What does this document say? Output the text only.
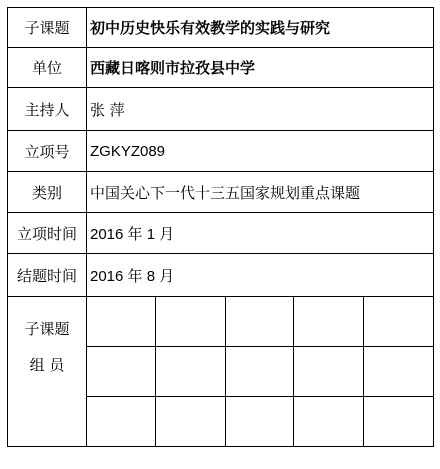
子课题	初中历史快乐有效教学的实践与研究				
单位	西藏日喀则市拉孜县中学				
主持人	张 萍				
立项号	ZGKYZ089				
类别	中国关心下一代十三五国家规划重点课题				
立项时间	2016 年 1 月				
结题时间	2016 年 8 月				

子课题
组 员					
